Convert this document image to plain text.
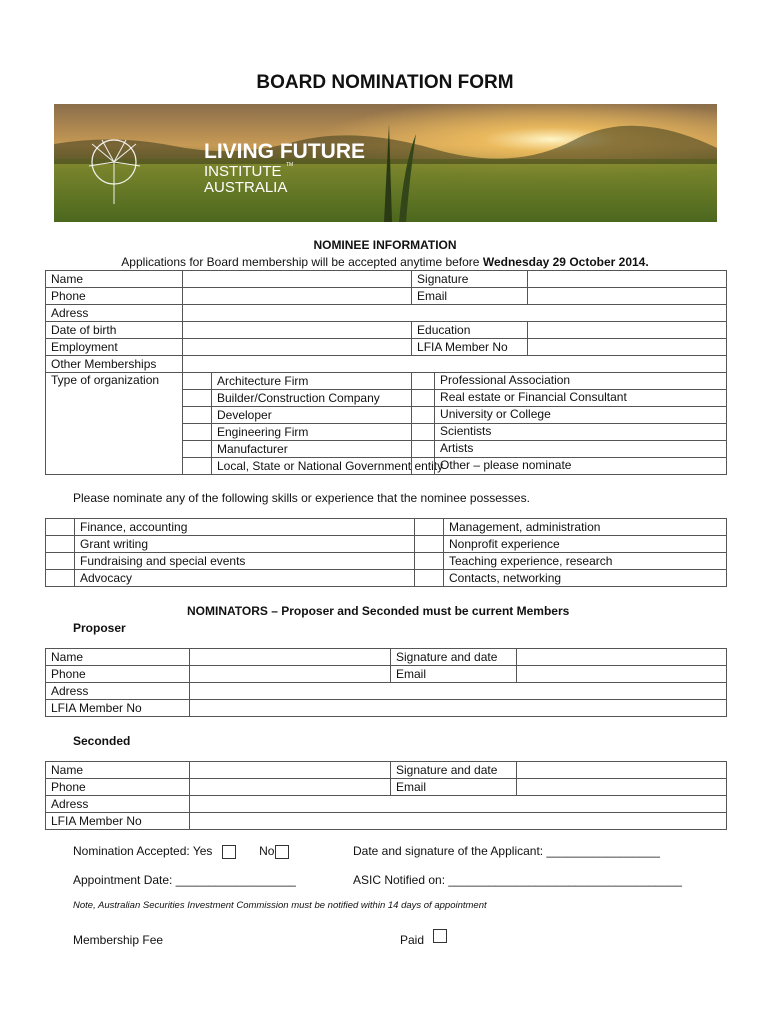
BOARD NOMINATION FORM
LIVING FUTURE
INSTITUTE TM
AUSTRALIA
NOMINEE INFORMATION
Applications for Board membership will be accepted anytime before Wednesday 29 October 2014.
Name			Signature	
Phone			Email	
Adress				
Date of birth			Education	
Employment			LFIA Member No	
Other Memberships				
Type of organization		Architecture Firm	Professional Association	

		Builder/Construction Company	Real estate or Financial Consultant	

		Developer	University or College	

		Engineering Firm	Scientists	

		Manufacturer	Artists	

		Local, State or National Government entity	Other – please nominate	
Please nominate any of the following skills or experience that the nominee possesses.
	Finance, accounting		Management, administration
	Grant writing		Nonprofit experience
	Fundraising and special events		Teaching experience, research
	Advocacy		Contacts, networking
NOMINATORS – Proposer and Seconded must be current Members
Proposer
Name		Signature and date	
Phone		Email	
Adress			
LFIA Member No			
Seconded
Name		Signature and date	
Phone		Email	
Adress			
LFIA Member No			
Nomination Accepted: Yes	No	Date and signature of the Applicant: _________________
Appointment Date: __________________	ASIC Notified on: ___________________________________
Note, Australian Securities Investment Commission must be notified within 14 days of appointment
Membership Fee	Paid
